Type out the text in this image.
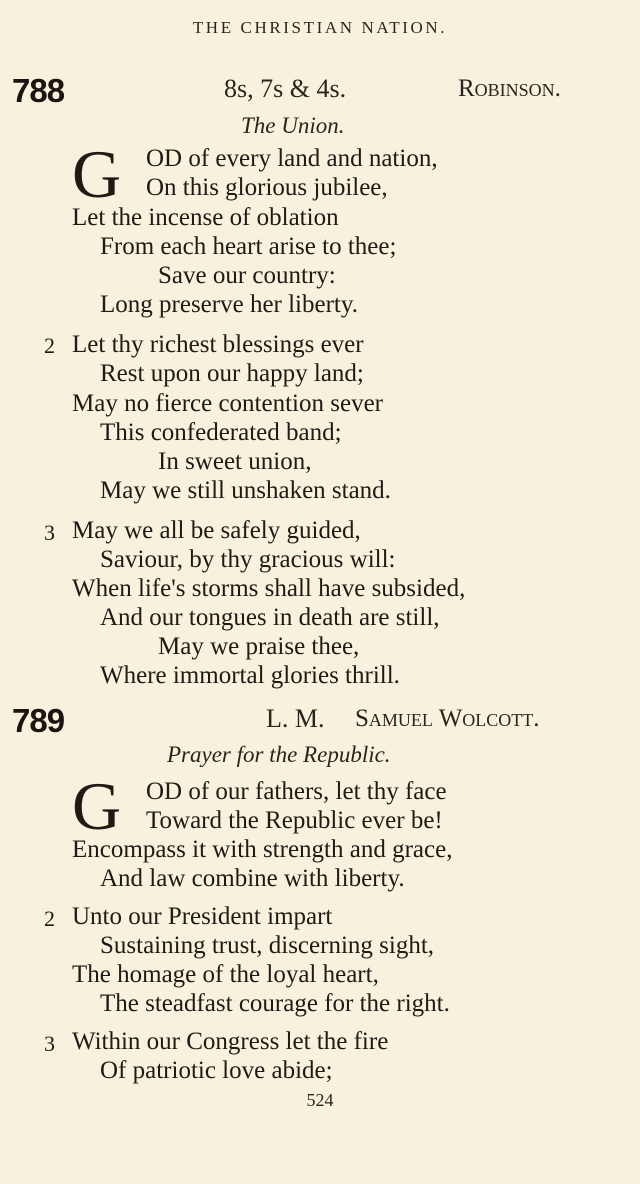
THE CHRISTIAN NATION.
788	8s, 7s & 4s.	Robinson.
The Union.
G OD of every land and nation,
On this glorious jubilee,
Let the incense of oblation
From each heart arise to thee;
Save our country:
Long preserve her liberty.
2 Let thy richest blessings ever
Rest upon our happy land;
May no fierce contention sever
This confederated band;
In sweet union,
May we still unshaken stand.
3 May we all be safely guided,
Saviour, by thy gracious will:
When life's storms shall have subsided,
And our tongues in death are still,
May we praise thee,
Where immortal glories thrill.
789	L. M. Samuel Wolcott.
Prayer for the Republic.
G OD of our fathers, let thy face
Toward the Republic ever be!
Encompass it with strength and grace,
And law combine with liberty.
2 Unto our President impart
Sustaining trust, discerning sight,
The homage of the loyal heart,
The steadfast courage for the right.
3 Within our Congress let the fire
Of patriotic love abide;
524
